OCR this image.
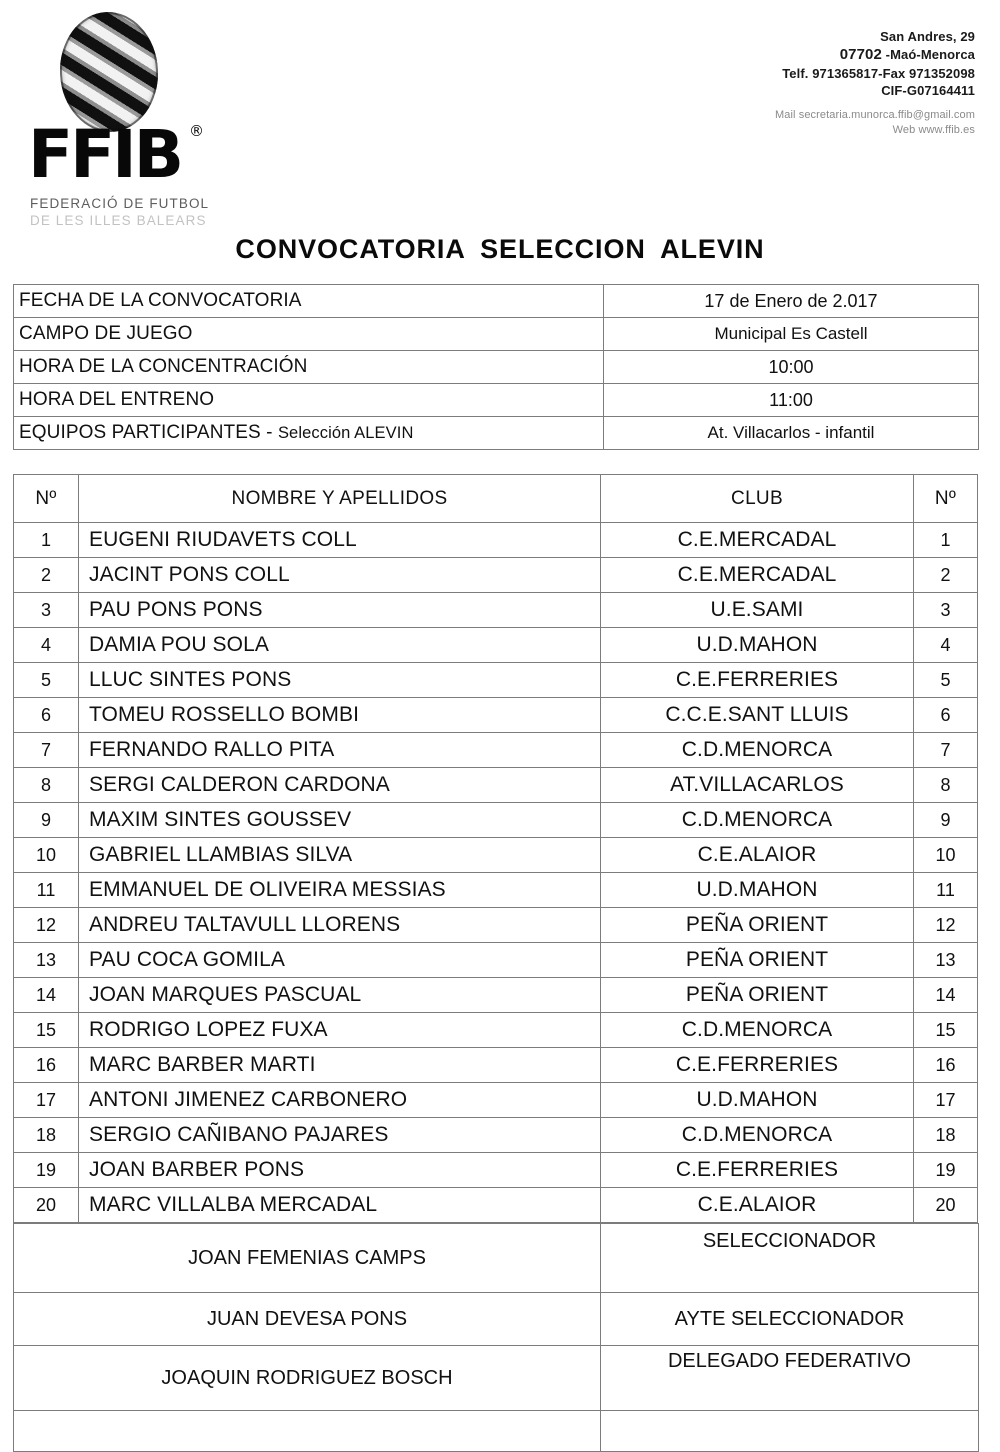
FFIB ®
FEDERACIÓ DE FUTBOL
DE LES ILLES BALEARS
San Andres, 29
07702 -Maó-Menorca
Telf. 971365817-Fax 971352098
CIF-G07164411
Mail secretaria.munorca.ffib@gmail.com
Web www.ffib.es
CONVOCATORIA SELECCION ALEVIN
FECHA DE LA CONVOCATORIA	17 de Enero de 2.017
CAMPO DE JUEGO	Municipal Es Castell
HORA DE LA CONCENTRACIÓN	10:00
HORA DEL ENTRENO	11:00
EQUIPOS PARTICIPANTES - Selección ALEVIN	At. Villacarlos - infantil
Nº	NOMBRE Y APELLIDOS	CLUB	Nº
1	EUGENI RIUDAVETS COLL	C.E.MERCADAL	1
2	JACINT PONS COLL	C.E.MERCADAL	2
3	PAU PONS PONS	U.E.SAMI	3
4	DAMIA POU SOLA	U.D.MAHON	4
5	LLUC SINTES PONS	C.E.FERRERIES	5
6	TOMEU ROSSELLO BOMBI	C.C.E.SANT LLUIS	6
7	FERNANDO RALLO PITA	C.D.MENORCA	7
8	SERGI CALDERON CARDONA	AT.VILLACARLOS	8
9	MAXIM SINTES GOUSSEV	C.D.MENORCA	9
10	GABRIEL LLAMBIAS SILVA	C.E.ALAIOR	10
11	EMMANUEL DE OLIVEIRA MESSIAS	U.D.MAHON	11
12	ANDREU TALTAVULL LLORENS	PEÑA ORIENT	12
13	PAU COCA GOMILA	PEÑA ORIENT	13
14	JOAN MARQUES PASCUAL	PEÑA ORIENT	14
15	RODRIGO LOPEZ FUXA	C.D.MENORCA	15
16	MARC BARBER MARTI	C.E.FERRERIES	16
17	ANTONI JIMENEZ CARBONERO	U.D.MAHON	17
18	SERGIO CAÑIBANO PAJARES	C.D.MENORCA	18
19	JOAN BARBER PONS	C.E.FERRERIES	19
20	MARC VILLALBA MERCADAL	C.E.ALAIOR	20
JOAN FEMENIAS CAMPS	SELECCIONADOR
JUAN DEVESA PONS	AYTE SELECCIONADOR
JOAQUIN RODRIGUEZ BOSCH	DELEGADO FEDERATIVO
